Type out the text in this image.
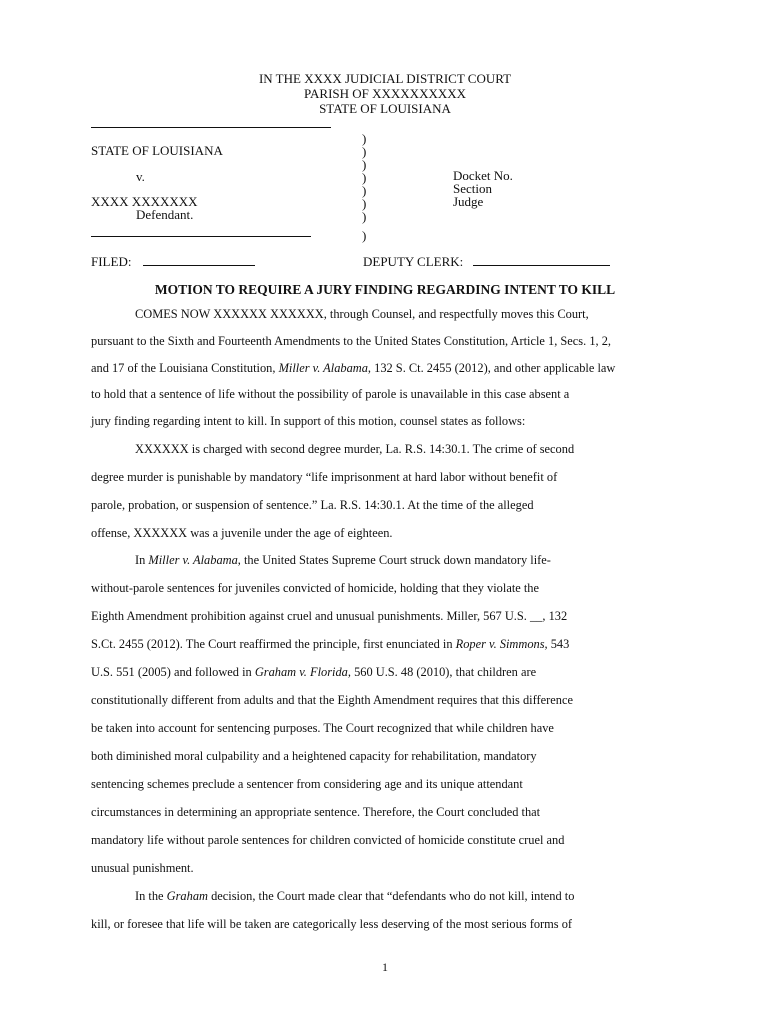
IN THE XXXX JUDICIAL DISTRICT COURT
PARISH OF XXXXXXXXXX
STATE OF LOUISIANA
)
)
)
)
)
)
)
)
STATE OF LOUISIANA
v.
XXXX XXXXXXX
Defendant.
Docket No.
Section
Judge
FILED:	DEPUTY CLERK:
MOTION TO REQUIRE A JURY FINDING REGARDING INTENT TO KILL
COMES NOW XXXXXX XXXXXX, through Counsel, and respectfully moves this Court,
pursuant to the Sixth and Fourteenth Amendments to the United States Constitution, Article 1, Secs. 1, 2,
and 17 of the Louisiana Constitution, Miller v. Alabama, 132 S. Ct. 2455 (2012), and other applicable law
to hold that a sentence of life without the possibility of parole is unavailable in this case absent a
jury finding regarding intent to kill. In support of this motion, counsel states as follows:
XXXXXX is charged with second degree murder, La. R.S. 14:30.1. The crime of second
degree murder is punishable by mandatory “life imprisonment at hard labor without benefit of
parole, probation, or suspension of sentence.” La. R.S. 14:30.1. At the time of the alleged
offense, XXXXXX was a juvenile under the age of eighteen.
In Miller v. Alabama, the United States Supreme Court struck down mandatory life-
without-parole sentences for juveniles convicted of homicide, holding that they violate the
Eighth Amendment prohibition against cruel and unusual punishments. Miller, 567 U.S. __, 132
S.Ct. 2455 (2012). The Court reaffirmed the principle, first enunciated in Roper v. Simmons, 543
U.S. 551 (2005) and followed in Graham v. Florida, 560 U.S. 48 (2010), that children are
constitutionally different from adults and that the Eighth Amendment requires that this difference
be taken into account for sentencing purposes. The Court recognized that while children have
both diminished moral culpability and a heightened capacity for rehabilitation, mandatory
sentencing schemes preclude a sentencer from considering age and its unique attendant
circumstances in determining an appropriate sentence. Therefore, the Court concluded that
mandatory life without parole sentences for children convicted of homicide constitute cruel and
unusual punishment.
In the Graham decision, the Court made clear that “defendants who do not kill, intend to
kill, or foresee that life will be taken are categorically less deserving of the most serious forms of
1
